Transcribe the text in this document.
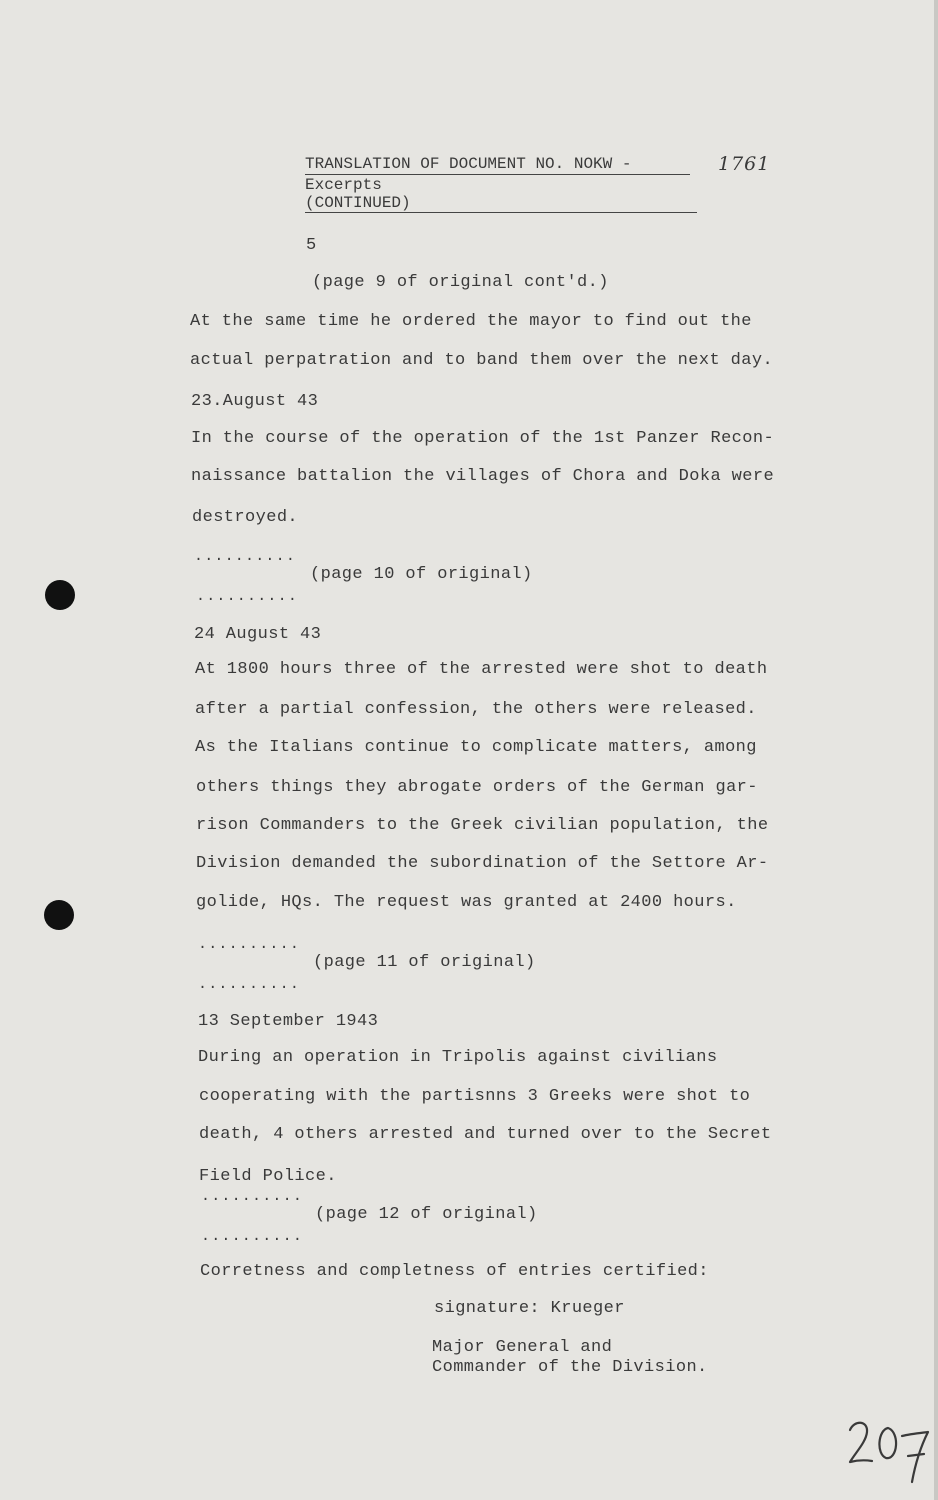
TRANSLATION OF DOCUMENT NO. NOKW -	1761
Excerpts
(CONTINUED)
5
(page 9 of original cont'd.)
At the same time he ordered the mayor to find out the
actual perpatration and to band them over the next day.
23.August 43
In the course of the operation of the 1st Panzer Recon-
naissance battalion the villages of Chora and Doka were
destroyed.
..........
(page 10 of original)
..........
24 August 43
At 1800 hours three of the arrested were shot to death
after a partial confession, the others were released.
As the Italians continue to complicate matters, among
others things they abrogate orders of the German gar-
rison Commanders to the Greek civilian population, the
Division demanded the subordination of the Settore Ar-
golide, HQs. The request was granted at 2400 hours.
..........
(page 11 of original)
..........
13 September 1943
During an operation in Tripolis against civilians
cooperating with the partisnns 3 Greeks were shot to
death, 4 others arrested and turned over to the Secret
Field Police.
..........
(page 12 of original)
..........
Corretness and completness of entries certified:
signature: Krueger
Major General and
Commander of the Division.
